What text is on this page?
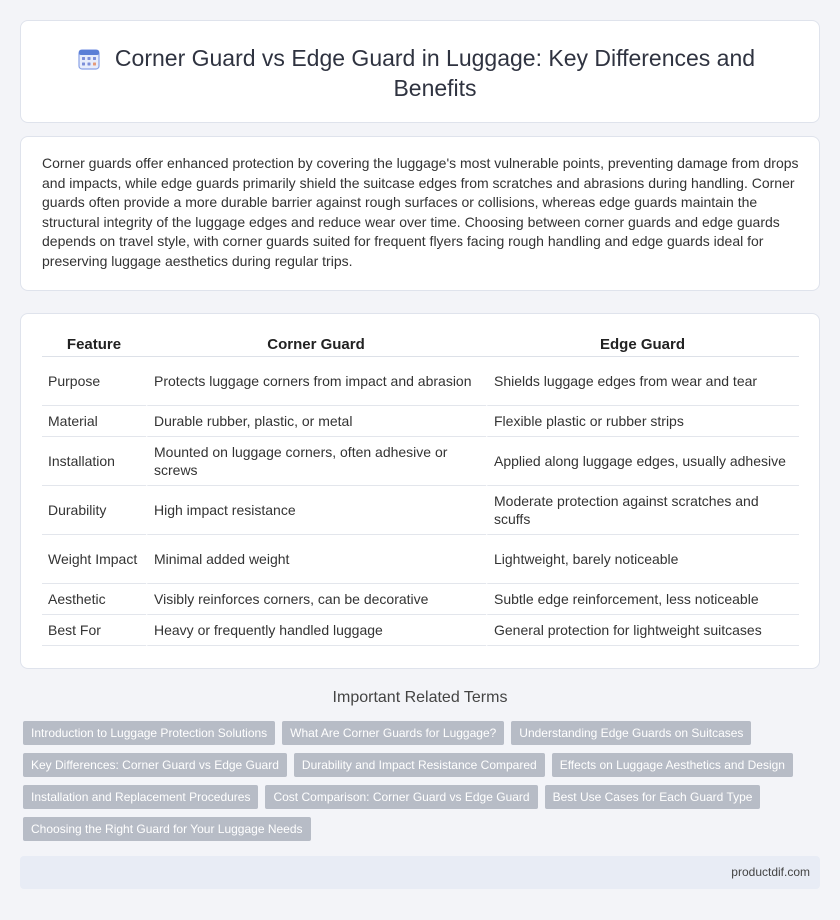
Corner Guard vs Edge Guard in Luggage: Key Differences and Benefits

Corner guards offer enhanced protection by covering the luggage's most vulnerable points, preventing damage from drops and impacts, while edge guards primarily shield the suitcase edges from scratches and abrasions during handling. Corner guards often provide a more durable barrier against rough surfaces or collisions, whereas edge guards maintain the structural integrity of the luggage edges and reduce wear over time. Choosing between corner guards and edge guards depends on travel style, with corner guards suited for frequent flyers facing rough handling and edge guards ideal for preserving luggage aesthetics during regular trips.

Feature	Corner Guard	Edge Guard
Purpose	Protects luggage corners from impact and abrasion	Shields luggage edges from wear and tear
Material	Durable rubber, plastic, or metal	Flexible plastic or rubber strips
Installation	Mounted on luggage corners, often adhesive or screws	Applied along luggage edges, usually adhesive
Durability	High impact resistance	Moderate protection against scratches and scuffs
Weight Impact	Minimal added weight	Lightweight, barely noticeable
Aesthetic	Visibly reinforces corners, can be decorative	Subtle edge reinforcement, less noticeable
Best For	Heavy or frequently handled luggage	General protection for lightweight suitcases
Important Related Terms
Introduction to Luggage Protection Solutions	What Are Corner Guards for Luggage?	Understanding Edge Guards on Suitcases
Key Differences: Corner Guard vs Edge Guard	Durability and Impact Resistance Compared	Effects on Luggage Aesthetics and Design
Installation and Replacement Procedures	Cost Comparison: Corner Guard vs Edge Guard	Best Use Cases for Each Guard Type
Choosing the Right Guard for Your Luggage Needs
productdif.com
